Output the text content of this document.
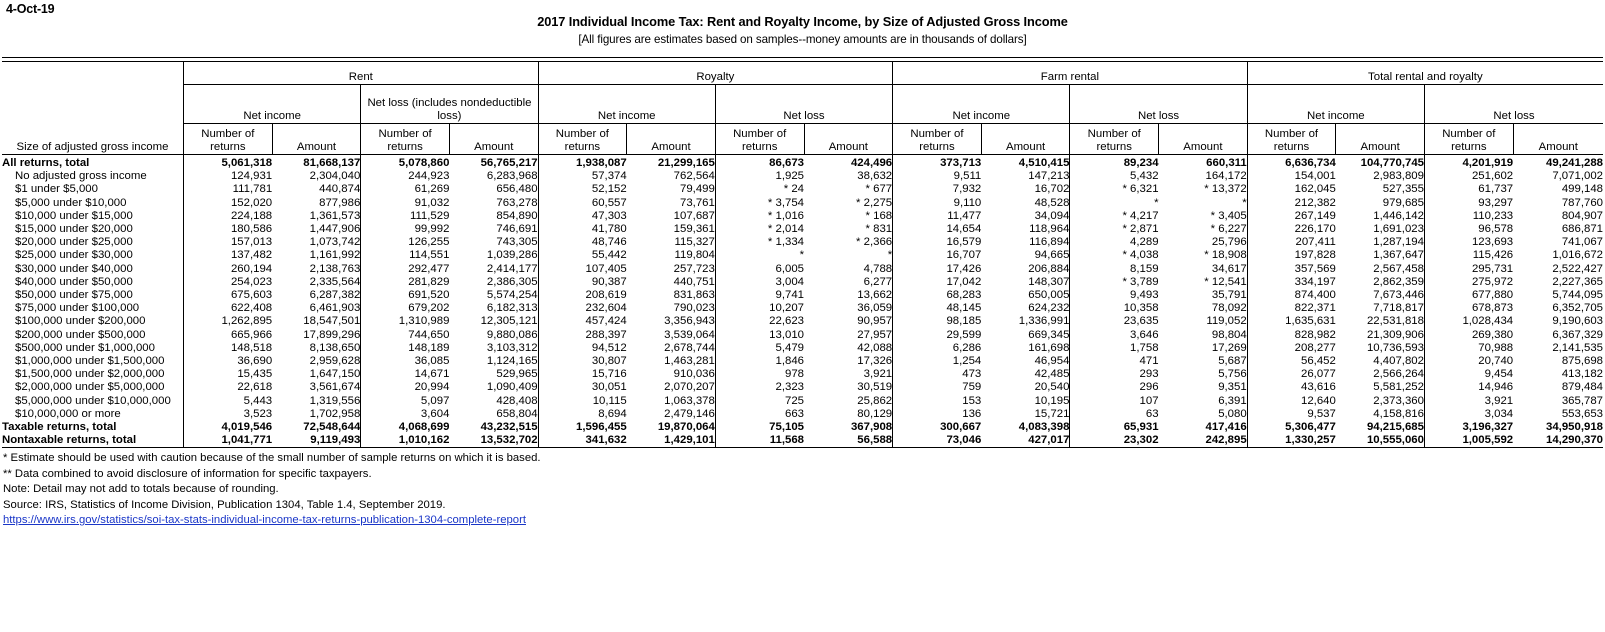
4-Oct-19
2017 Individual Income Tax: Rent and Royalty Income, by Size of Adjusted Gross Income
[All figures are estimates based on samples--money amounts are in thousands of dollars]

Size of adjusted gross income	Rent				Royalty				Farm rental				Total rental and royalty			
	Net income		Net loss (includes nondeductible loss)		Net income		Net loss		Net income		Net loss		Net income		Net loss	
	Number of returns	Amount	Number of returns	Amount	Number of returns	Amount	Number of returns	Amount	Number of returns	Amount	Number of returns	Amount	Number of returns	Amount	Number of returns	Amount
All returns, total	5,061,318	81,668,137	5,078,860	56,765,217	1,938,087	21,299,165	86,673	424,496	373,713	4,510,415	89,234	660,311	6,636,734	104,770,745	4,201,919	49,241,288
No adjusted gross income	124,931	2,304,040	244,923	6,283,968	57,374	762,564	1,925	38,632	9,511	147,213	5,432	164,172	154,001	2,983,809	251,602	7,071,002
$1 under $5,000	111,781	440,874	61,269	656,480	52,152	79,499	* 24	* 677	7,932	16,702	* 6,321	* 13,372	162,045	527,355	61,737	499,148
$5,000 under $10,000	152,020	877,986	91,032	763,278	60,557	73,761	* 3,754	* 2,275	9,110	48,528	*	*	212,382	979,685	93,297	787,760
$10,000 under $15,000	224,188	1,361,573	111,529	854,890	47,303	107,687	* 1,016	* 168	11,477	34,094	* 4,217	* 3,405	267,149	1,446,142	110,233	804,907
$15,000 under $20,000	180,586	1,447,906	99,992	746,691	41,780	159,361	* 2,014	* 831	14,654	118,964	* 2,871	* 6,227	226,170	1,691,023	96,578	686,871
$20,000 under $25,000	157,013	1,073,742	126,255	743,305	48,746	115,327	* 1,334	* 2,366	16,579	116,894	4,289	25,796	207,411	1,287,194	123,693	741,067
$25,000 under $30,000	137,482	1,161,992	114,551	1,039,286	55,442	119,804	*	*	16,707	94,665	* 4,038	* 18,908	197,828	1,367,647	115,426	1,016,672
$30,000 under $40,000	260,194	2,138,763	292,477	2,414,177	107,405	257,723	6,005	4,788	17,426	206,884	8,159	34,617	357,569	2,567,458	295,731	2,522,427
$40,000 under $50,000	254,023	2,335,564	281,829	2,386,305	90,387	440,751	3,004	6,277	17,042	148,307	* 3,789	* 12,541	334,197	2,862,359	275,972	2,227,365
$50,000 under $75,000	675,603	6,287,382	691,520	5,574,254	208,619	831,863	9,741	13,662	68,283	650,005	9,493	35,791	874,400	7,673,446	677,880	5,744,095
$75,000 under $100,000	622,408	6,461,903	679,202	6,182,313	232,604	790,023	10,207	36,059	48,145	624,232	10,358	78,092	822,371	7,718,817	678,873	6,352,705
$100,000 under $200,000	1,262,895	18,547,501	1,310,989	12,305,121	457,424	3,356,943	22,623	90,957	98,185	1,336,991	23,635	119,052	1,635,631	22,531,818	1,028,434	9,190,603
$200,000 under $500,000	665,966	17,899,296	744,650	9,880,086	288,397	3,539,064	13,010	27,957	29,599	669,345	3,646	98,804	828,982	21,309,906	269,380	6,367,329
$500,000 under $1,000,000	148,518	8,138,650	148,189	3,103,312	94,512	2,678,744	5,479	42,088	6,286	161,698	1,758	17,269	208,277	10,736,593	70,988	2,141,535
$1,000,000 under $1,500,000	36,690	2,959,628	36,085	1,124,165	30,807	1,463,281	1,846	17,326	1,254	46,954	471	5,687	56,452	4,407,802	20,740	875,698
$1,500,000 under $2,000,000	15,435	1,647,150	14,671	529,965	15,716	910,036	978	3,921	473	42,485	293	5,756	26,077	2,566,264	9,454	413,182
$2,000,000 under $5,000,000	22,618	3,561,674	20,994	1,090,409	30,051	2,070,207	2,323	30,519	759	20,540	296	9,351	43,616	5,581,252	14,946	879,484
$5,000,000 under $10,000,000	5,443	1,319,556	5,097	428,408	10,115	1,063,378	725	25,862	153	10,195	107	6,391	12,640	2,373,360	3,921	365,787
$10,000,000 or more	3,523	1,702,958	3,604	658,804	8,694	2,479,146	663	80,129	136	15,721	63	5,080	9,537	4,158,816	3,034	553,653
Taxable returns, total	4,019,546	72,548,644	4,068,699	43,232,515	1,596,455	19,870,064	75,105	367,908	300,667	4,083,398	65,931	417,416	5,306,477	94,215,685	3,196,327	34,950,918
Nontaxable returns, total	1,041,771	9,119,493	1,010,162	13,532,702	341,632	1,429,101	11,568	56,588	73,046	427,017	23,302	242,895	1,330,257	10,555,060	1,005,592	14,290,370
* Estimate should be used with caution because of the small number of sample returns on which it is based.
** Data combined to avoid disclosure of information for specific taxpayers.
Note: Detail may not add to totals because of rounding.
Source: IRS, Statistics of Income Division, Publication 1304, Table 1.4, September 2019.
https://www.irs.gov/statistics/soi-tax-stats-individual-income-tax-returns-publication-1304-complete-report
